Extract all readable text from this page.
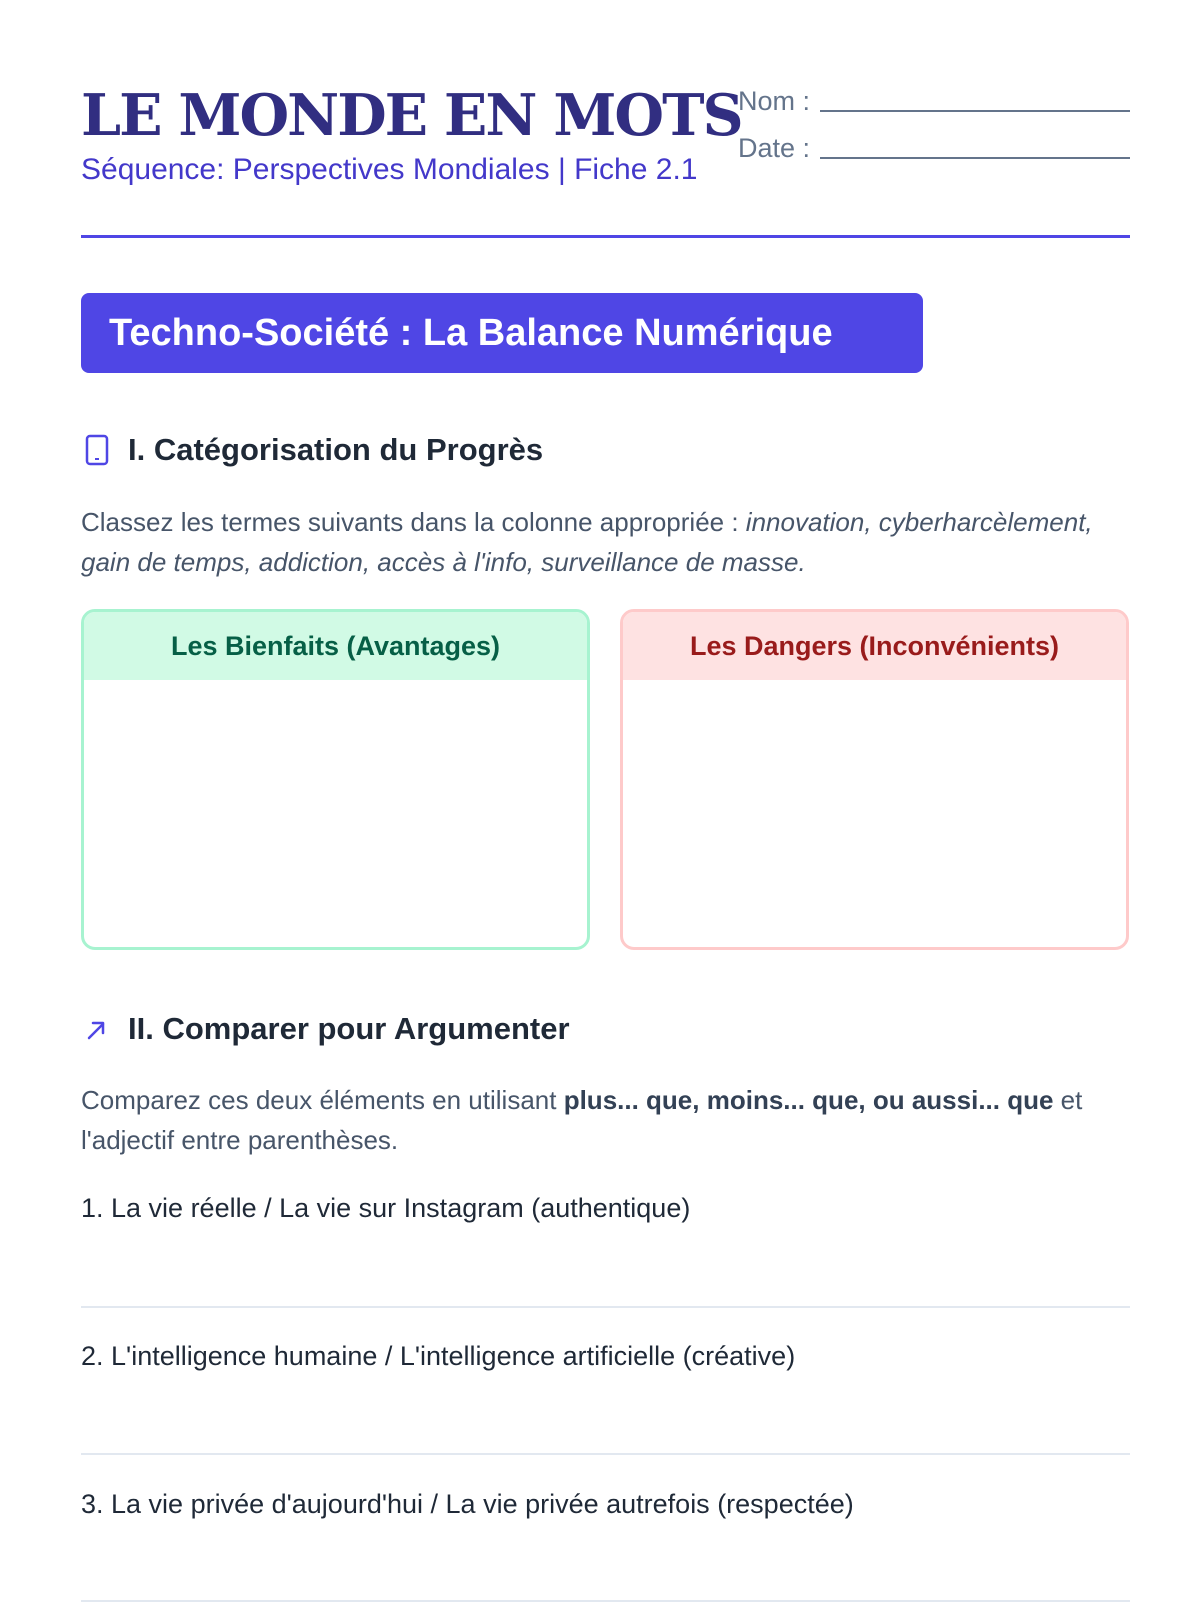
LE MONDE EN MOTS
Séquence: Perspectives Mondiales | Fiche 2.1
Nom :
Date :
Techno-Société : La Balance Numérique
I. Catégorisation du Progrès
Classez les termes suivants dans la colonne appropriée : innovation, cyberharcèlement, gain de temps, addiction, accès à l'info, surveillance de masse.
Les Bienfaits (Avantages)	Les Dangers (Inconvénients)
II. Comparer pour Argumenter
Comparez ces deux éléments en utilisant plus... que, moins... que, ou aussi... que et l'adjectif entre parenthèses.
1. La vie réelle / La vie sur Instagram (authentique)
2. L'intelligence humaine / L'intelligence artificielle (créative)
3. La vie privée d'aujourd'hui / La vie privée autrefois (respectée)
